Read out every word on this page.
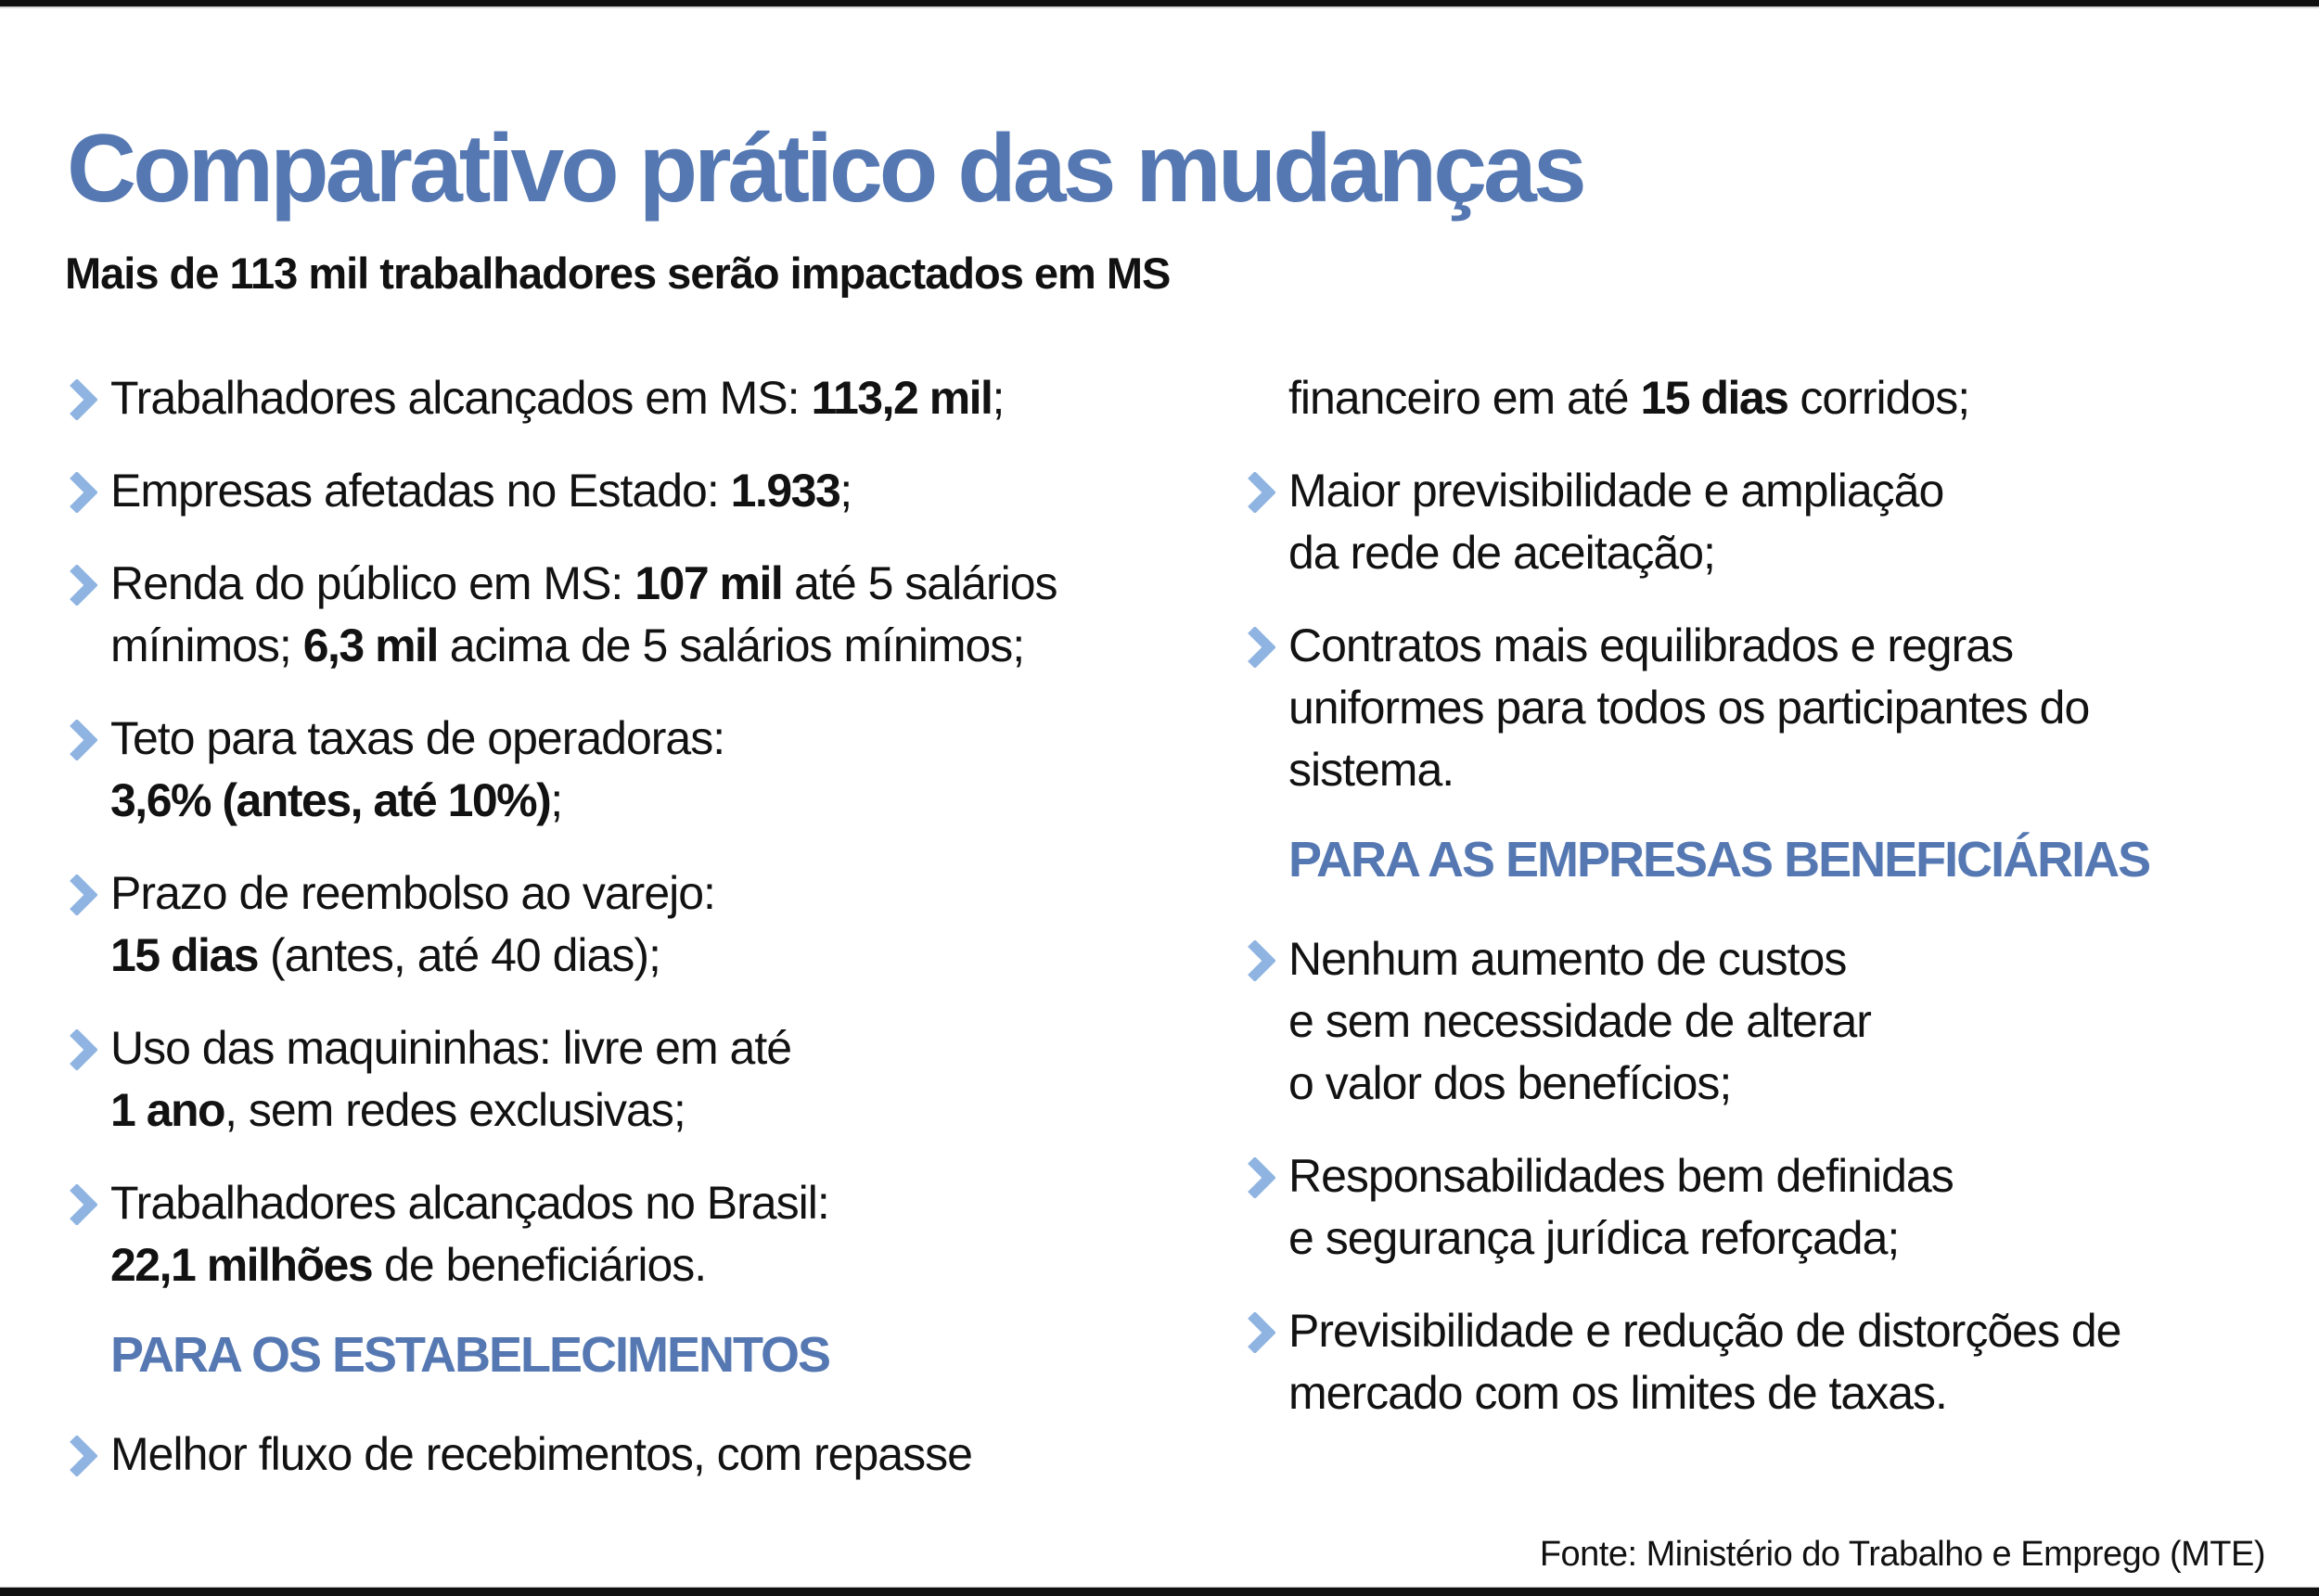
Comparativo prático das mudanças
Mais de 113 mil trabalhadores serão impactados em MS
Trabalhadores alcançados em MS: 113,2 mil;
Empresas afetadas no Estado: 1.933;
Renda do público em MS: 107 mil até 5 salários
mínimos; 6,3 mil acima de 5 salários mínimos;
Teto para taxas de operadoras:
3,6% (antes, até 10%);
Prazo de reembolso ao varejo:
15 dias (antes, até 40 dias);
Uso das maquininhas: livre em até
1 ano, sem redes exclusivas;
Trabalhadores alcançados no Brasil:
22,1 milhões de beneficiários.
PARA OS ESTABELECIMENTOS
Melhor fluxo de recebimentos, com repasse
financeiro em até 15 dias corridos;
Maior previsibilidade e ampliação
da rede de aceitação;
Contratos mais equilibrados e regras
uniformes para todos os participantes do
sistema.
PARA AS EMPRESAS BENEFICIÁRIAS
Nenhum aumento de custos
e sem necessidade de alterar
o valor dos benefícios;
Responsabilidades bem definidas
e segurança jurídica reforçada;
Previsibilidade e redução de distorções de
mercado com os limites de taxas.
Fonte: Ministério do Trabalho e Emprego (MTE)
